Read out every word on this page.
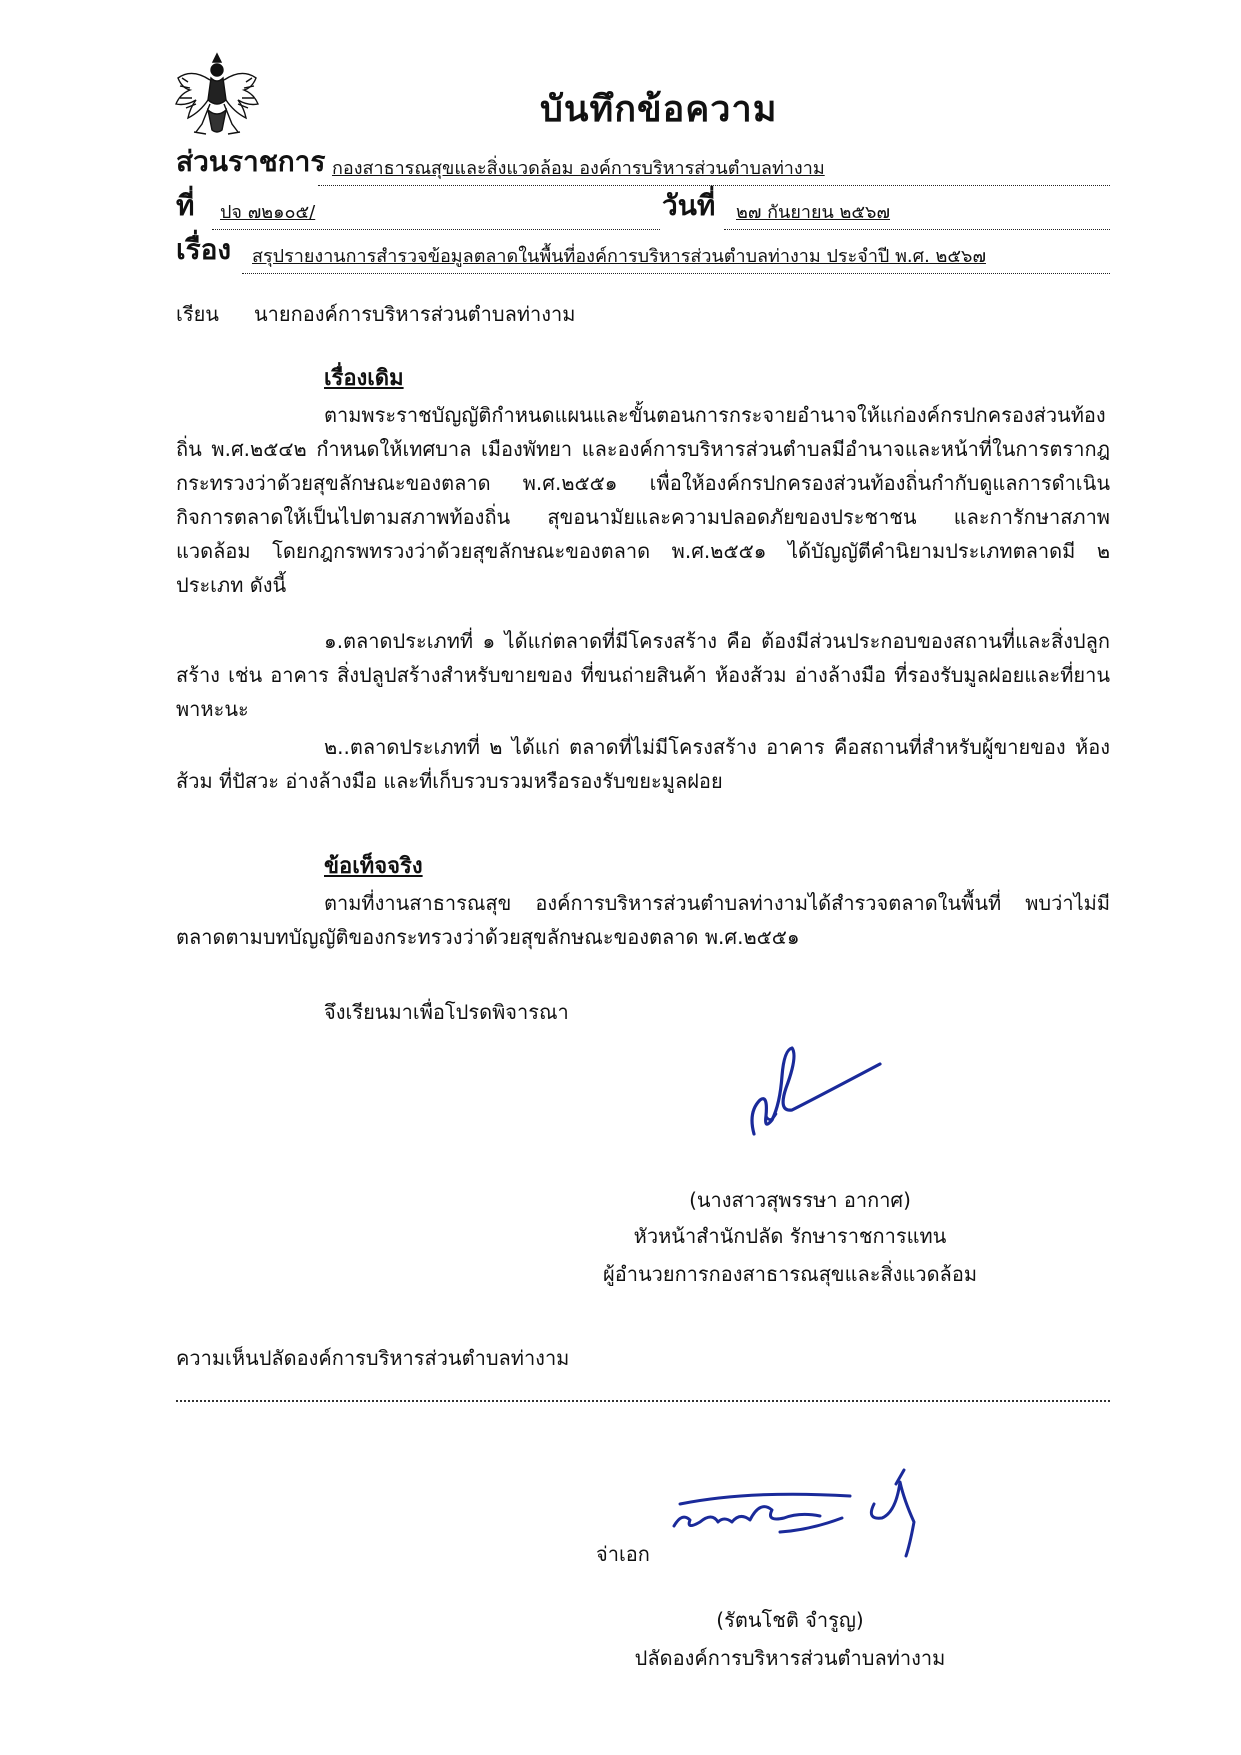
บันทึกข้อความ
ส่วนราชการ กองสาธารณสุขและสิ่งแวดล้อม องค์การบริหารส่วนตำบลท่างาม
ที่ ปจ ๗๒๑๐๕/	วันที่ ๒๗ กันยายน ๒๕๖๗
เรื่อง สรุปรายงานการสำรวจข้อมูลตลาดในพื้นที่องค์การบริหารส่วนตำบลท่างาม ประจำปี พ.ศ. ๒๕๖๗
เรียน นายกองค์การบริหารส่วนตำบลท่างาม
เรื่องเดิม
ตามพระราชบัญญัติกำหนดแผนและขั้นตอนการกระจายอำนาจให้แก่องค์กรปกครองส่วนท้องถิ่น พ.ศ.๒๕๔๒ กำหนดให้เทศบาล เมืองพัทยา และองค์การบริหารส่วนตำบลมีอำนาจและหน้าที่ในการตรากฎกระทรวงว่าด้วยสุขลักษณะของตลาด พ.ศ.๒๕๕๑ เพื่อให้องค์กรปกครองส่วนท้องถิ่นกำกับดูแลการดำเนินกิจการตลาดให้เป็นไปตามสภาพท้องถิ่น สุขอนามัยและความปลอดภัยของประชาชน และการักษาสภาพแวดล้อม โดยกฎกรพทรวงว่าด้วยสุขลักษณะของตลาด พ.ศ.๒๕๕๑ ได้บัญญัตีคำนิยามประเภทตลาดมี ๒ ประเภท ดังนี้
๑.ตลาดประเภทที่ ๑ ได้แก่ตลาดที่มีโครงสร้าง คือ ต้องมีส่วนประกอบของสถานที่และสิ่งปลูกสร้าง เช่น อาคาร สิ่งปลูปสร้างสำหรับขายของ ที่ขนถ่ายสินค้า ห้องส้วม อ่างล้างมือ ที่รองรับมูลฝอยและที่ยานพาหะนะ
๒..ตลาดประเภทที่ ๒ ได้แก่ ตลาดที่ไม่มีโครงสร้าง อาคาร คือสถานที่สำหรับผู้ขายของ ห้องส้วม ที่ปัสวะ อ่างล้างมือ และที่เก็บรวบรวมหรือรองรับขยะมูลฝอย
ข้อเท็จจริง
ตามที่งานสาธารณสุข องค์การบริหารส่วนตำบลท่างามได้สำรวจตลาดในพื้นที่ พบว่าไม่มีตลาดตามบทบัญญัติของกระทรวงว่าด้วยสุขลักษณะของตลาด พ.ศ.๒๕๕๑
จึงเรียนมาเพื่อโปรดพิจารณา
(นางสาวสุพรรษา อากาศ)
หัวหน้าสำนักปลัด รักษาราชการแทน
ผู้อำนวยการกองสาธารณสุขและสิ่งแวดล้อม
ความเห็นปลัดองค์การบริหารส่วนตำบลท่างาม
จ่าเอก
(รัตนโชติ จำรูญ)
ปลัดองค์การบริหารส่วนตำบลท่างาม
